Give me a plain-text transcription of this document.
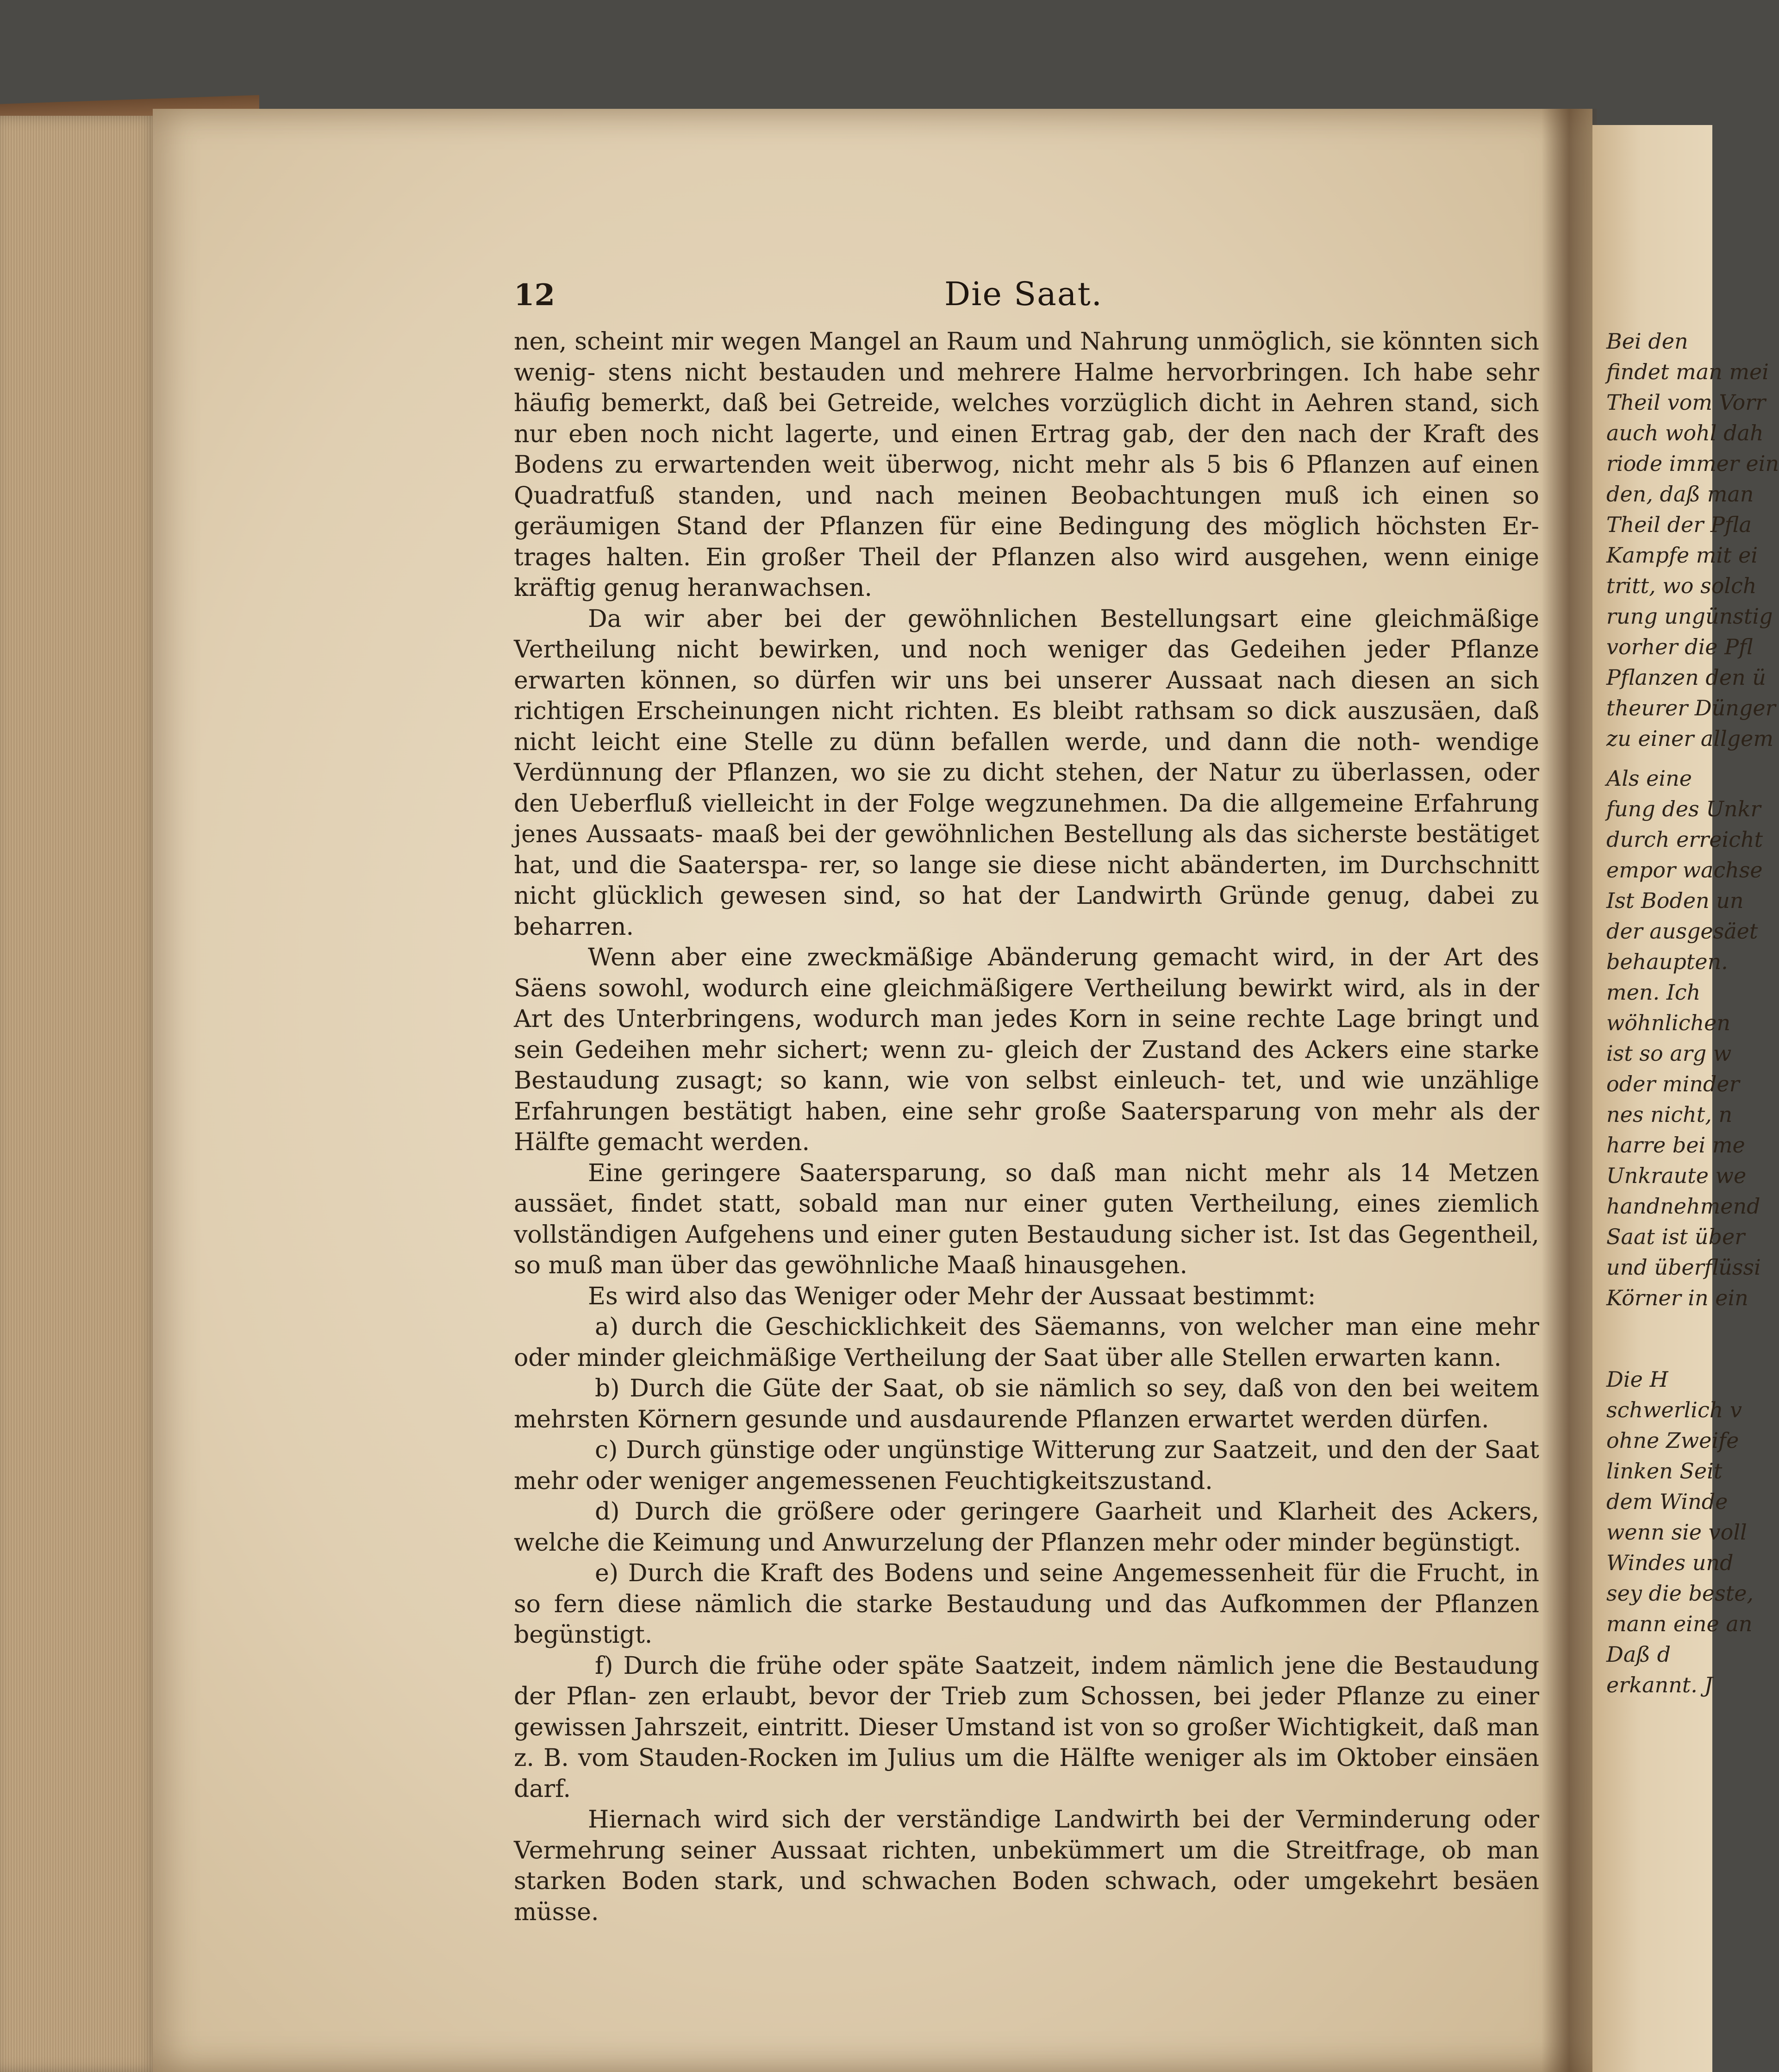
12	Die Saat.

nen, scheint mir wegen Mangel an Raum und Nahrung unmöglich, sie könnten sich wenig- stens nicht bestauden und mehrere Halme hervorbringen. Ich habe sehr häufig bemerkt, daß bei Getreide, welches vorzüglich dicht in Aehren stand, sich nur eben noch nicht lagerte, und einen Ertrag gab, der den nach der Kraft des Bodens zu erwartenden weit überwog, nicht mehr als 5 bis 6 Pflanzen auf einen Quadratfuß standen, und nach meinen Beobachtungen muß ich einen so geräumigen Stand der Pflanzen für eine Bedingung des möglich höchsten Er- trages halten. Ein großer Theil der Pflanzen also wird ausgehen, wenn einige kräftig genug heranwachsen.

Da wir aber bei der gewöhnlichen Bestellungsart eine gleichmäßige Vertheilung nicht bewirken, und noch weniger das Gedeihen jeder Pflanze erwarten können, so dürfen wir uns bei unserer Aussaat nach diesen an sich richtigen Erscheinungen nicht richten. Es bleibt rathsam so dick auszusäen, daß nicht leicht eine Stelle zu dünn befallen werde, und dann die noth- wendige Verdünnung der Pflanzen, wo sie zu dicht stehen, der Natur zu überlassen, oder den Ueberfluß vielleicht in der Folge wegzunehmen. Da die allgemeine Erfahrung jenes Aussaats- maaß bei der gewöhnlichen Bestellung als das sicherste bestätiget hat, und die Saaterspa- rer, so lange sie diese nicht abänderten, im Durchschnitt nicht glücklich gewesen sind, so hat der Landwirth Gründe genug, dabei zu beharren.

Wenn aber eine zweckmäßige Abänderung gemacht wird, in der Art des Säens sowohl, wodurch eine gleichmäßigere Vertheilung bewirkt wird, als in der Art des Unterbringens, wodurch man jedes Korn in seine rechte Lage bringt und sein Gedeihen mehr sichert; wenn zu- gleich der Zustand des Ackers eine starke Bestaudung zusagt; so kann, wie von selbst einleuch- tet, und wie unzählige Erfahrungen bestätigt haben, eine sehr große Saatersparung von mehr als der Hälfte gemacht werden.

Eine geringere Saatersparung, so daß man nicht mehr als 14 Metzen aussäet, findet statt, sobald man nur einer guten Vertheilung, eines ziemlich vollständigen Aufgehens und einer guten Bestaudung sicher ist. Ist das Gegentheil, so muß man über das gewöhnliche Maaß hinausgehen.

Es wird also das Weniger oder Mehr der Aussaat bestimmt:

a) durch die Geschicklichkeit des Säemanns, von welcher man eine mehr oder minder gleichmäßige Vertheilung der Saat über alle Stellen erwarten kann.

b) Durch die Güte der Saat, ob sie nämlich so sey, daß von den bei weitem mehrsten Körnern gesunde und ausdaurende Pflanzen erwartet werden dürfen.

c) Durch günstige oder ungünstige Witterung zur Saatzeit, und den der Saat mehr oder weniger angemessenen Feuchtigkeitszustand.

d) Durch die größere oder geringere Gaarheit und Klarheit des Ackers, welche die Keimung und Anwurzelung der Pflanzen mehr oder minder begünstigt.

e) Durch die Kraft des Bodens und seine Angemessenheit für die Frucht, in so fern diese nämlich die starke Bestaudung und das Aufkommen der Pflanzen begünstigt.

f) Durch die frühe oder späte Saatzeit, indem nämlich jene die Bestaudung der Pflan- zen erlaubt, bevor der Trieb zum Schossen, bei jeder Pflanze zu einer gewissen Jahrszeit, eintritt. Dieser Umstand ist von so großer Wichtigkeit, daß man z. B. vom Stauden-Rocken im Julius um die Hälfte weniger als im Oktober einsäen darf.

Hiernach wird sich der verständige Landwirth bei der Verminderung oder Vermehrung seiner Aussaat richten, unbekümmert um die Streitfrage, ob man starken Boden stark, und schwachen Boden schwach, oder umgekehrt besäen müsse.

Bei den
findet man mei
Theil vom Vorr
auch wohl dah
riode immer ein
den, daß man
Theil der Pfla
Kampfe mit ei
tritt, wo solch
rung ungünstig
vorher die Pfl
Pflanzen den ü
theurer Dünger
zu einer allgem
Als eine
fung des Unkr
durch erreicht
empor wachse
Ist Boden un
der ausgesäet
behaupten.
men. Ich
wöhnlichen
ist so arg w
oder minder
nes nicht, n
harre bei me
Unkraute we
handnehmend
Saat ist über
und überflüssi
Körner in ein
Die H
schwerlich v
ohne Zweife
linken Seit
dem Winde
wenn sie voll
Windes und
sey die beste,
mann eine an
Daß d
erkannt. J
